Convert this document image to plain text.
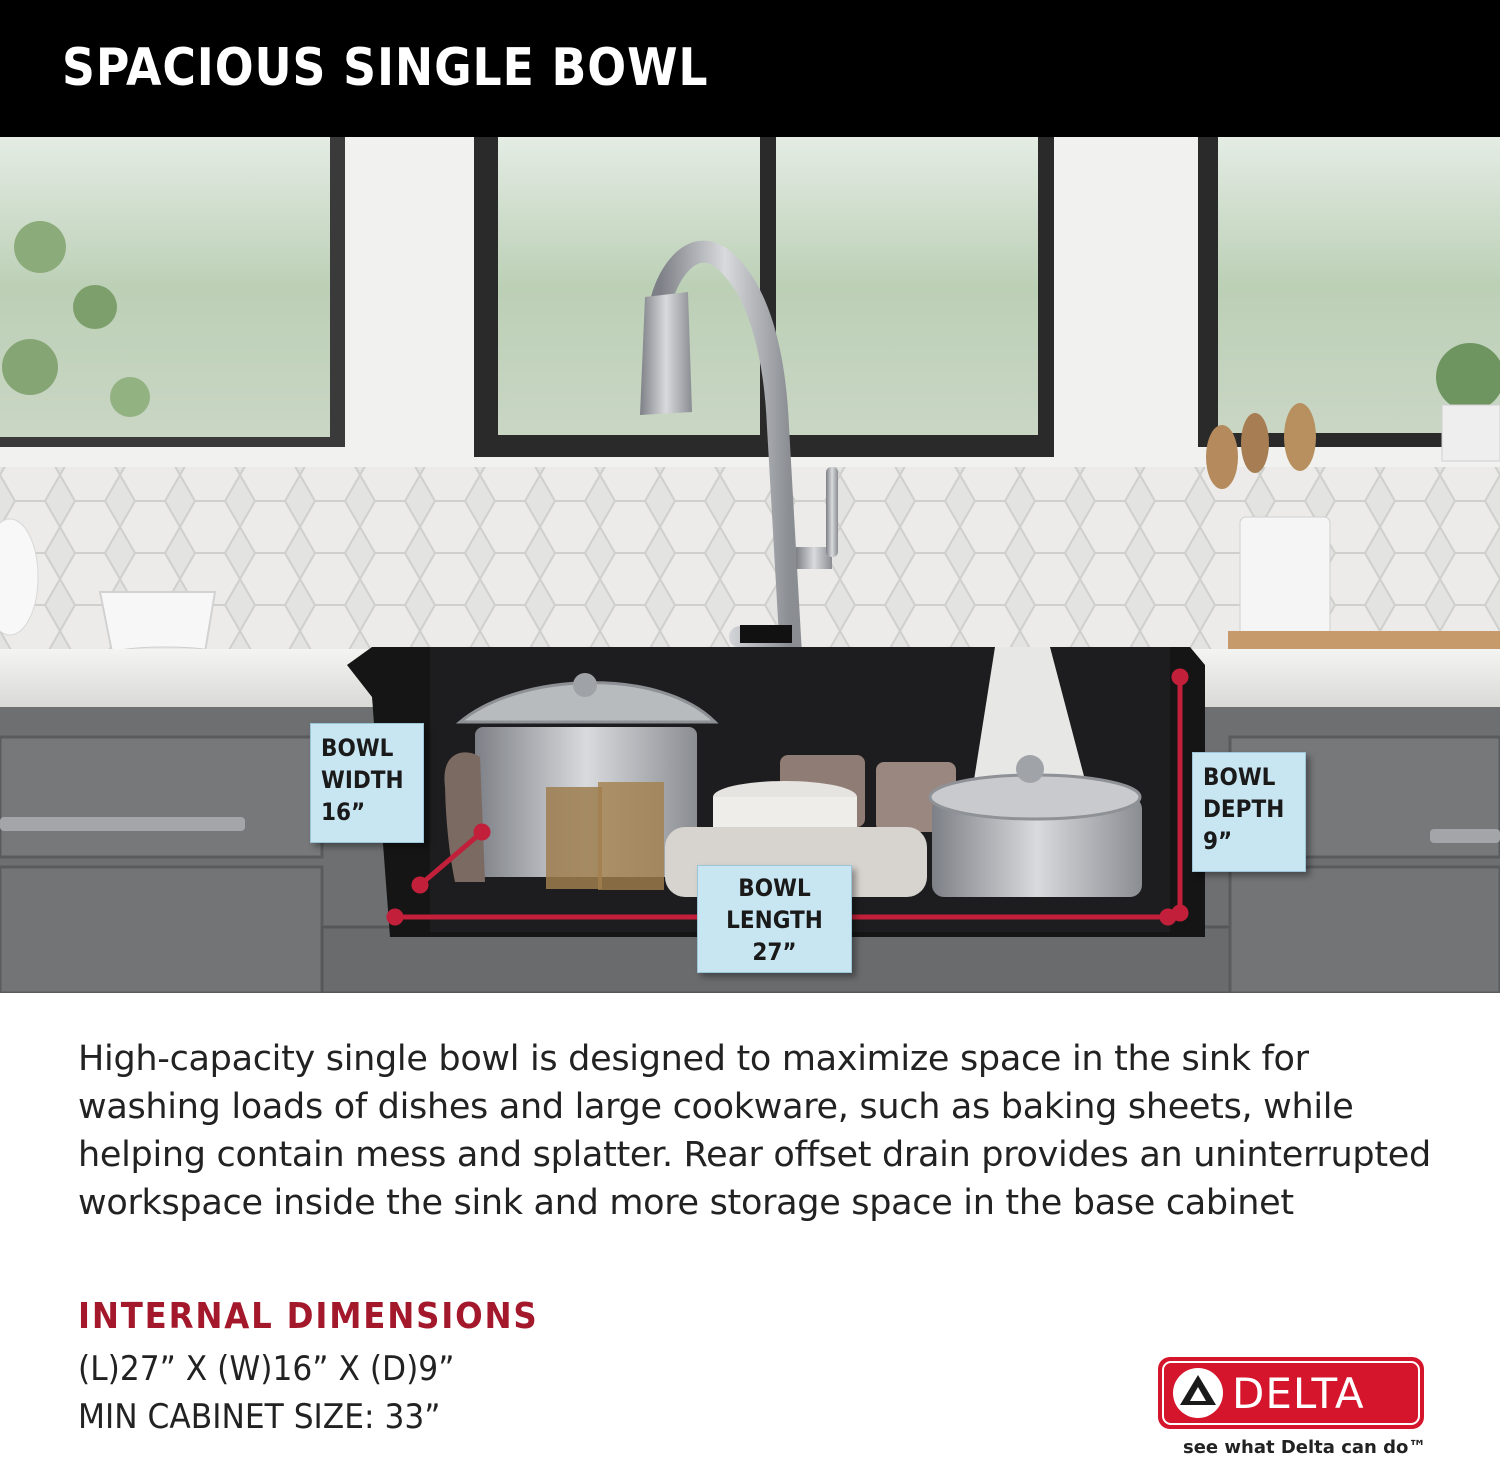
SPACIOUS SINGLE BOWL
BOWL
WIDTH
16”
BOWL
DEPTH
9”
BOWL
LENGTH
27”
High-capacity single bowl is designed to maximize space in the sink for washing loads of dishes and large cookware, such as baking sheets, while helping contain mess and splatter. Rear offset drain provides an uninterrupted workspace inside the sink and more storage space in the base cabinet
INTERNAL DIMENSIONS
(L)27” X (W)16” X (D)9”
MIN CABINET SIZE: 33”	DELTA
see what Delta can do™
